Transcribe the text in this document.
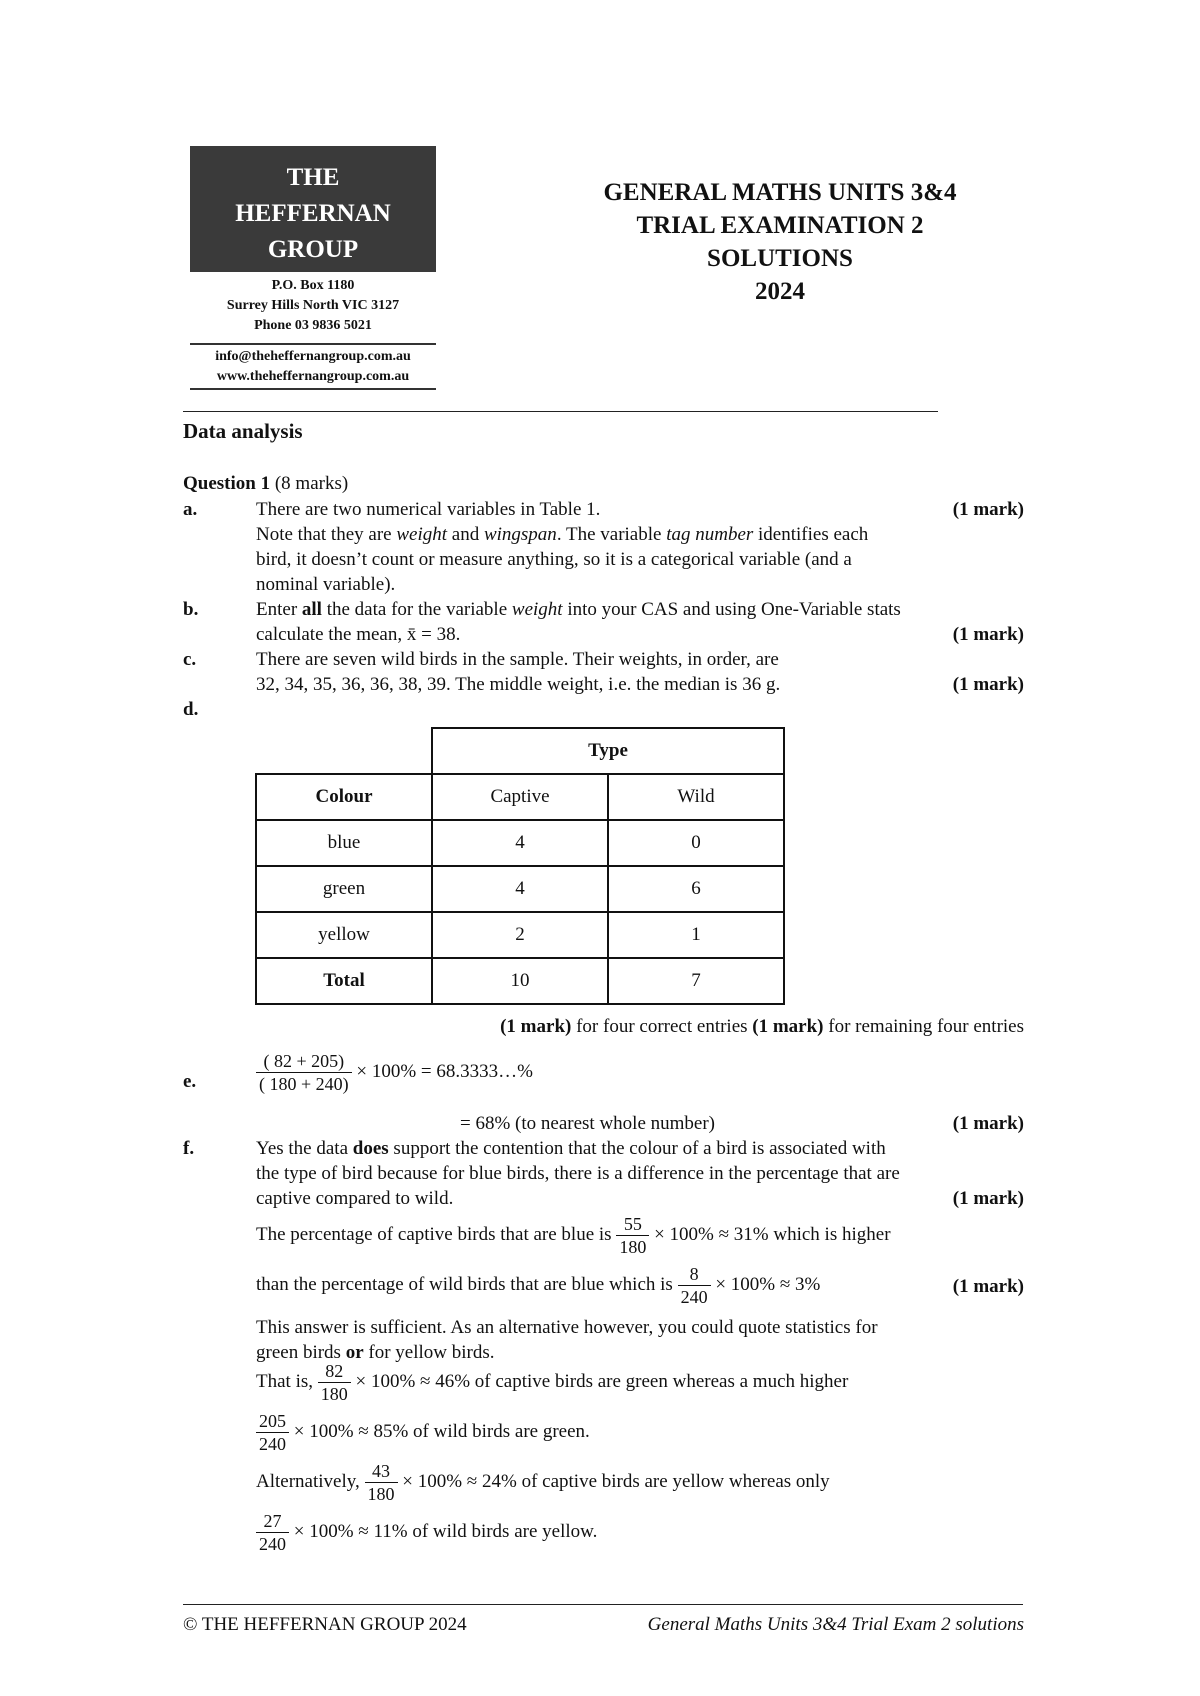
THE
HEFFERNAN
GROUP
P.O. Box 1180
Surrey Hills North VIC 3127
Phone 03 9836 5021
info@theheffernangroup.com.au
www.theheffernangroup.com.au
GENERAL MATHS UNITS 3&4
TRIAL EXAMINATION 2
SOLUTIONS
2024
Data analysis
Question 1 (8 marks)
a.	There are two numerical variables in Table 1.	(1 mark)
Note that they are weight and wingspan. The variable tag number identifies each
bird, it doesn’t count or measure anything, so it is a categorical variable (and a
nominal variable).
b.	Enter all the data for the variable weight into your CAS and using One-Variable stats
calculate the mean, x̄ = 38.	(1 mark)
c.	There are seven wild birds in the sample. Their weights, in order, are
32, 34, 35, 36, 36, 38, 39. The middle weight, i.e. the median is 36 g.	(1 mark)
d.
	Type	
Colour	Captive	Wild
blue	4	0
green	4	6
yellow	2	1
Total	10	7
(1 mark) for four correct entries (1 mark) for remaining four entries
e.	$\frac{( 82 + 205)}{( 180 + 240)} \times 100\%$ = 68.3333…%
= 68% (to nearest whole number)	(1 mark)
f.	Yes the data does support the contention that the colour of a bird is associated with
the type of bird because for blue birds, there is a difference in the percentage that are
captive compared to wild.	(1 mark)
The percentage of captive birds that are blue is $\frac{55}{180} \times 100\% \approx 31\%$ which is higher
than the percentage of wild birds that are blue which is $\frac{8}{240} \times 100\% \approx 3\%$	(1 mark)
This answer is sufficient. As an alternative however, you could quote statistics for
green birds or for yellow birds.
That is, $\frac{82}{180} \times 100\% \approx 46\%$ of captive birds are green whereas a much higher
$\frac{205}{240} \times 100\% \approx 85\%$ of wild birds are green.
Alternatively, $\frac{43}{180} \times 100\% \approx 24\%$ of captive birds are yellow whereas only
$\frac{27}{240} \times 100\% \approx 11\%$ of wild birds are yellow.
© THE HEFFERNAN GROUP 2024	General Maths Units 3&4 Trial Exam 2 solutions
